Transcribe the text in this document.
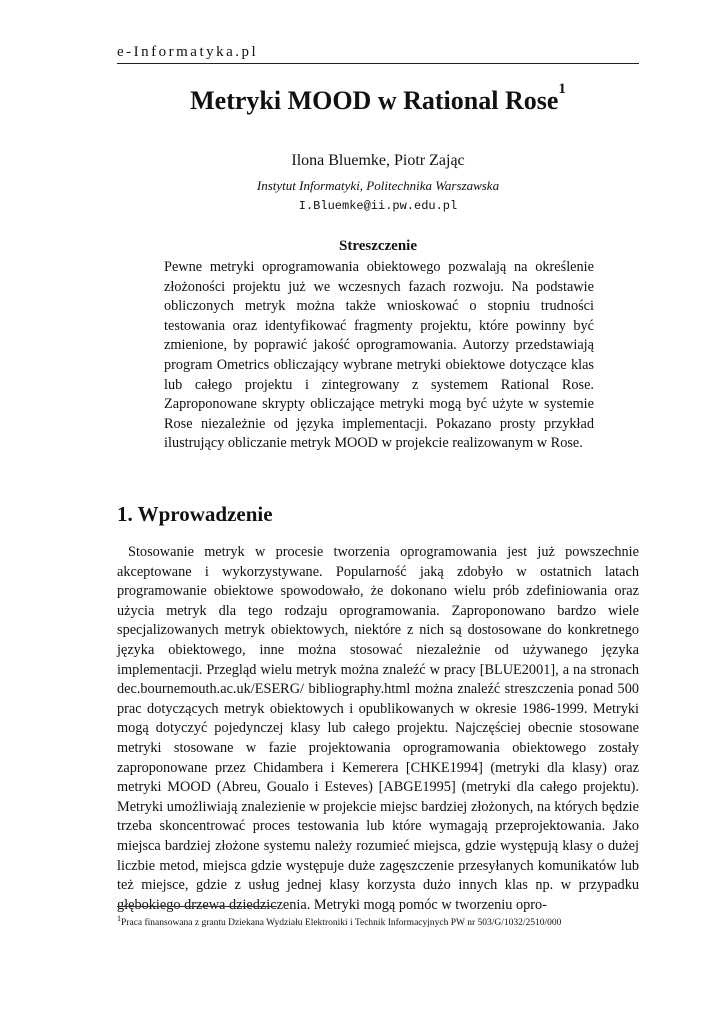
e-Informatyka.pl
Metryki MOOD w Rational Rose$^1$
Ilona Bluemke, Piotr Zając
Instytut Informatyki, Politechnika Warszawska
I.Bluemke@ii.pw.edu.pl
Streszczenie
Pewne metryki oprogramowania obiektowego pozwalają na określenie złożoności projektu już we wczesnych fazach rozwoju. Na podstawie obliczonych metryk można także wnioskować o stopniu trudności testowania oraz identyfikować fragmenty projektu, które powinny być zmienione, by poprawić jakość oprogramowania. Autorzy przedstawiają program Ometrics obliczający wybrane metryki obiektowe dotyczące klas lub całego projektu i zintegrowany z systemem Rational Rose. Zaproponowane skrypty obliczające metryki mogą być użyte w systemie Rose niezależnie od języka implementacji. Pokazano prosty przykład ilustrujący obliczanie metryk MOOD w projekcie realizowanym w Rose.
1. Wprowadzenie
Stosowanie metryk w procesie tworzenia oprogramowania jest już powszechnie akceptowane i wykorzystywane. Popularność jaką zdobyło w ostatnich latach programowanie obiektowe spowodowało, że dokonano wielu prób zdefiniowania oraz użycia metryk dla tego rodzaju oprogramowania. Zaproponowano bardzo wiele specjalizowanych metryk obiektowych, niektóre z nich są dostosowane do konkretnego języka obiektowego, inne można stosować niezależnie od używanego języka implementacji. Przegląd wielu metryk można znaleźć w pracy [BLUE2001], a na stronach dec.bournemouth.ac.uk/ESERG/ bibliography.html można znaleźć streszczenia ponad 500 prac dotyczących metryk obiektowych i opublikowanych w okresie 1986-1999. Metryki mogą dotyczyć pojedynczej klasy lub całego projektu. Najczęściej obecnie stosowane metryki stosowane w fazie projektowania oprogramowania obiektowego zostały zaproponowane przez Chidambera i Kemerera [CHKE1994] (metryki dla klasy) oraz metryki MOOD (Abreu, Goualo i Esteves) [ABGE1995] (metryki dla całego projektu). Metryki umożliwiają znalezienie w projekcie miejsc bardziej złożonych, na których będzie trzeba skoncentrować proces testowania lub które wymagają przeprojektowania. Jako miejsca bardziej złożone systemu należy rozumieć miejsca, gdzie występują klasy o dużej liczbie metod, miejsca gdzie występuje duże zagęszczenie przesyłanych komunikatów lub też miejsce, gdzie z usług jednej klasy korzysta dużo innych klas np. w przypadku głębokiego drzewa dziedziczenia. Metryki mogą pomóc w tworzeniu opro-
$^1$Praca finansowana z grantu Dziekana Wydziału Elektroniki i Technik Informacyjnych PW nr 503/G/1032/2510/000
